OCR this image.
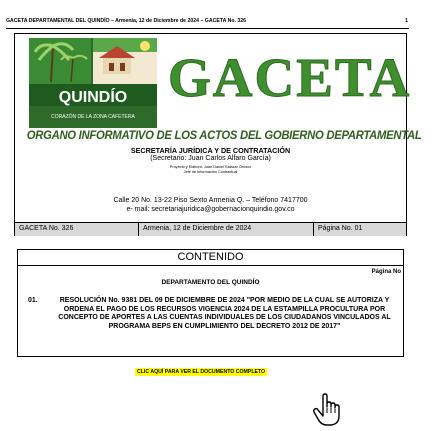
GACETA DEPARTAMENTAL DEL QUINDÍO – Armenia, 12 de Diciembre de 2024 – GACETA No. 326	1
QUINDÍO
CORAZÓN DE LA ZONA CAFETERA
GACETA
ORGANO INFORMATIVO DE LOS ACTOS DEL GOBIERNO DEPARTAMENTAL
SECRETARÍA JURÍDICA Y DE CONTRATACIÓN
(Secretario: Juan Carlos Alfaro García)
Proyectó y Elaboró: Juan Daniel Salazar Orozco
Jefe de Información Contractual
Calle 20 No. 13-22 Piso Sexto Armenia Q. – Teléfono 7417700
e- mail: secretariajuridica@gobernacionquindio.gov.co
GACETA No. 326	Armenia, 12 de Diciembre de 2024	Página No. 01
CONTENIDO
Página No
DEPARTAMENTO DEL QUINDÍO
01.	RESOLUCIÓN No. 9381 DEL 09 DE DICIEMBRE DE 2024 "POR MEDIO DE LA CUAL SE AUTORIZA Y ORDENA EL PAGO DE LOS RECURSOS VIGENCIA 2024 DE LA ESTAMPILLA PROCULTURA POR CONCEPTO DE APORTES A LAS CUENTAS INDIVIDUALES DE LOS CIUDADANOS VINCULADOS AL PROGRAMA BEPS EN CUMPLIMIENTO DEL DECRETO 2012 DE 2017"
CLIC AQUÍ PARA VER EL DOCUMENTO COMPLETO
